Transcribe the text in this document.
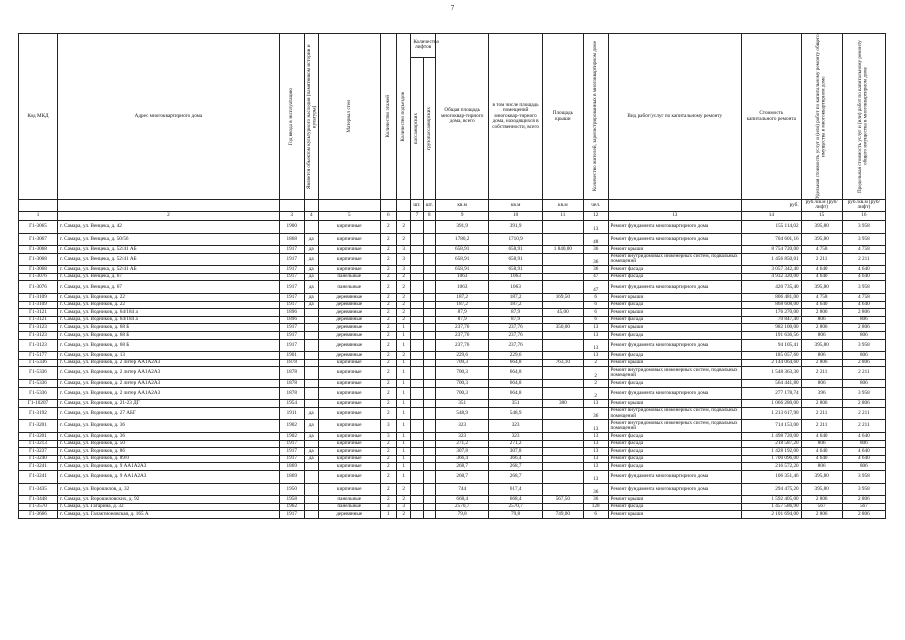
7
Код МКД	Адрес многоквартирного дома	Год ввода в эксплуатацию	Является объектом культурного наследия (памятником истории и культуры)	Материал стен	Количество этажей	Количество подъездов	Количество лифтов		Общая площадь многоквар-тирного дома, всего	в том числе площадь помещений многоквар-тирного дома, находящихся в собственности, всего	Площадь крыши	Количество жителей, зарегистрированных в многоквартирном доме	Вид работ/услуг по капитальному ремонту	Стоимость капитального ремонта	Удельная стоимость услуг и (или) работ по капитальному ремонту общего имущества в многоквартирном доме	Предельная стоимость услуг и (или) работ по капитальному ремонту общего имущества в многоквартирном доме

							пассажирских	грузопассажирских								

							шт.	шт.	кв.м	кв.м	кв.м	чел.		руб.	руб./кв.м (руб/лифт)	руб./кв.м (руб/лифт)
1	2	3	4	5	6		7	8	9	10	11	12	13	14	15	16
Г1-3065	г. Самара, ул. Венцека, д. 42	1900		кирпичные	2	2			391,9	391,9		13	Ремонт фундамента многоквартирного дома	155 114,02	395,80	3 958
Г1-3067	г. Самара, ул. Венцека, д. 50/56	1868	да	кирпичные	2	2			1780,2	1710,9		48	Ремонт фундамента многоквартирного дома	704 601,16	395,80	3 958
Г1-3068	г. Самара, ул. Венцека, д. 52/41 АБ	1917	да	кирпичные	2	3			658,91	658,91	1 840,00	36	Ремонт крыши	8 754 720,00	4 758	4 758
Г1-3068	г. Самара, ул. Венцека, д. 52/41 АБ	1917	да	кирпичные	2	3			658,91	658,91		36	Ремонт внутридомовых инженерных систем, подвальных помещений	1 456 850,01	2 211	2 211
Г1-3068	г. Самара, ул. Венцека, д. 52/41 АБ	1917	да	кирпичные	2	3			658,91	658,91		36	Ремонт фасада	3 057 342,40	4 640	4 640
Г1-3076	г. Самара, ул. Венцека, д. 67	1917	да	панельные	2	2			1063	1063		47	Ремонт фасада	4 932 320,00	4 640	4 640
Г1-3076	г. Самара, ул. Венцека, д. 67	1917	да	панельные	2	2			1063	1063		47	Ремонт фундамента многоквартирного дома	420 735,40	395,80	3 958
Г1-3109	г. Самара, ул. Водников, д. 22	1917	да	деревянные	2	2			187,2	187,2	169,50	6	Ремонт крыши	806 481,00	4 758	4 758
Г1-3109	г. Самара, ул. Водников, д. 22	1917	да	деревянные	2	2			187,2	187,2		6	Ремонт фасада	868 608,00	4 640	4 640
Г1-3121	г. Самара, ул. Водников, д. 64/184 а	1896		деревянные	2	2			87,9	87,9	45,00	6	Ремонт крыши	176 270,00	2 806	2 806
Г1-3121	г. Самара, ул. Водников, д. 64/184 а	1896		деревянные	2	2			87,9	87,9		6	Ремонт фасада	70 847,40	806	806
Г1-3123	г. Самара, ул. Водников, д. 68 Б	1917		деревянные	2	1			237,76	237,76	350,00	13	Ремонт крыши	982 100,00	2 806	2 806
Г1-3123	г. Самара, ул. Водников, д. 68 Б	1917		деревянные	2	1			237,76	237,76		13	Ремонт фасада	191 636,56	806	806
Г1-3123	г. Самара, ул. Водников, д. 68 Б	1917		деревянные	2	1			237,76	237,76		13	Ремонт фундамента многоквартирного дома	94 105,41	395,80	3 958
Г1-5177	г. Самара, ул. Водников, д. 13	1901		деревянные	2	2			229,6	229,6		13	Ремонт фасада	185 057,60	806	806
Г1-5336	г. Самара, ул. Водников, д. 2 литер АА1А2А3	1878		кирпичные	2	1			709,3	664,8	763,10	2	Ремонт крыши	2 144 064,60	2 806	2 806
Г1-5336	г. Самара, ул. Водников, д. 2 литер АА1А2А3	1878		кирпичные	2	1			700,3	664,8		2	Ремонт внутридомовых инженерных систем, подвальных помещений	1 548 363,30	2 211	2 211
Г1-5336	г. Самара, ул. Водников, д. 2 литер АА1А2А3	1878		кирпичные	2	1			700,3	664,8		2	Ремонт фасада	564 441,80	806	806
Г1-5336	г. Самара, ул. Водников, д. 2 литер АА1А2А3	1878		кирпичные	2	1			700,3	664,8		2	Ремонт фундамента многоквартирного дома	277 178,74	396	3 958
Г1-10207	г. Самара, ул. Водников, д. 21-23 ДГ	1954		кирпичные	2	1			351	351	380	13	Ремонт крыши	1 066 280,00	2 806	2 806
Г1-3192	г. Самара, ул. Водников, д. 27 АБГ	1911	да	кирпичные	2	1			548,9	548,9		36	Ремонт внутридомовых инженерных систем, подвальных помещений	1 213 617,90	2 211	2 211
Г1-3201	г. Самара, ул. Водников, д. 36	1902	да	кирпичные	3	1			323	323		13	Ремонт внутридомовых инженерных систем, подвальных помещений	714 153,00	2 211	2 211
Г1-3201	г. Самара, ул. Водников, д. 36	1902	да	кирпичные	3	1			323	323		13	Ремонт фасада	1 498 720,00	4 640	4 640
Г1-3213	г. Самара, ул. Водников, д. 50	1917		кирпичные	2	1			271,2	271,2		13	Ремонт фасада	218 587,20	806	806
Г1-3237	г. Самара, ул. Водников, д. 86	1917	да	кирпичные	2	1			307,8	307,8		13	Ремонт фасада	1 428 192,00	4 640	4 640
Г1-3240	г. Самара, ул. Водников, д. 89/0	1917	да	кирпичные	2	1			366,4	366,4		13	Ремонт фасада	1 700 096,00	4 640	4 640
Г1-3241	г. Самара, ул. Водников, д. 9 АА1А2А3	1869		кирпичные	2	1			268,7	268,7		13	Ремонт фасада	216 572,20	806	806
Г1-3241	г. Самара, ул. Водников, д. 9 АА1А2А3	1869		кирпичные	2	1			268,7	268,7		13	Ремонт фундамента многоквартирного дома	106 351,46	395,80	3 958
Г1-3435	г. Самара, ул. Ворошилов, д. 32	1950		кирпичные	2	2			744	617,4		36	Ремонт фундамента многоквартирного дома	294 475,20	395,80	3 958
Г1-3448	г. Самара, ул. Ворошиловских, д. 92	1958		панельные	2	2			668,4	668,4	567,50	36	Ремонт крыши	1 592 405,00	2 806	2 806
Г1-3570	г. Самара, ул. Гагарина, д. 32	1962		панельные	3	3			2570,7	2570,7		128	Ремонт фасада	1 457 586,90	567	567
Г1-3666	г. Самара, ул. Галактионовская, д. 165 А	1917		деревянные	1	2			79,8	79,8	749,00	6	Ремонт крыши	2 101 694,00	2 806	2 806
